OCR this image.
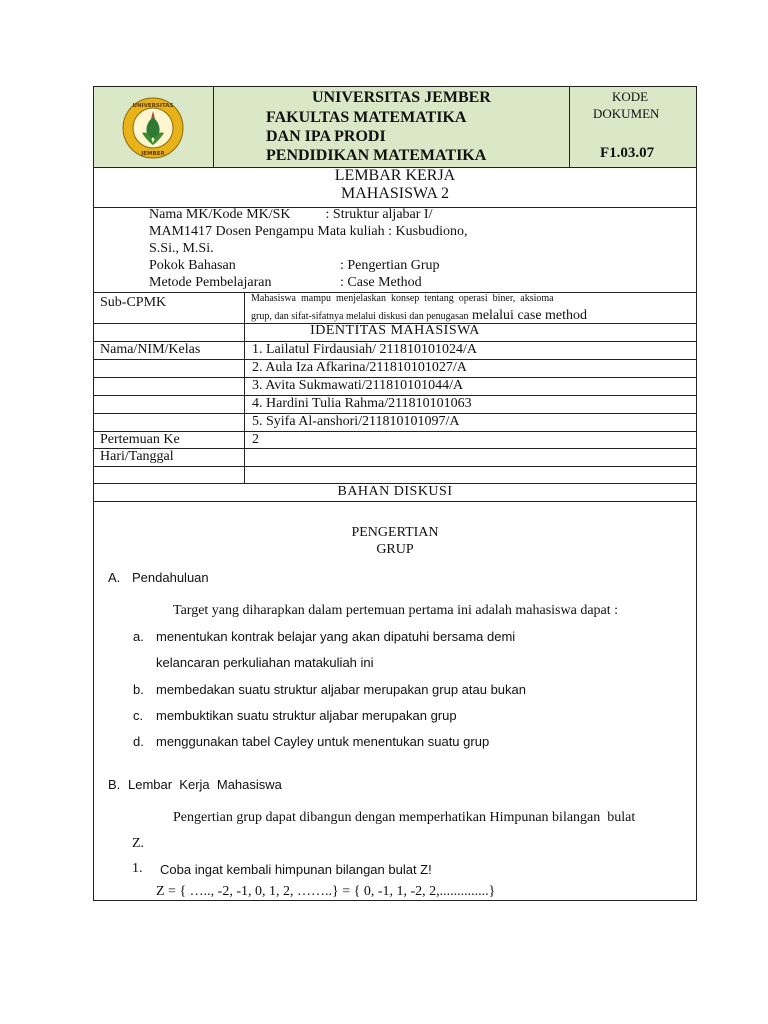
UNIVERSITAS
JEMBER
UNIVERSITAS JEMBER
FAKULTAS MATEMATIKA
DAN IPA PRODI
PENDIDIKAN MATEMATIKA
KODE
DOKUMEN
F1.03.07
LEMBAR KERJA
MAHASISWA 2
Nama MK/Kode MK/SK          : Struktur aljabar I/
MAM1417 Dosen Pengampu Mata kuliah : Kusbudiono,
S.Si., M.Si.
Pokok Bahasan	: Pengertian Grup
Metode Pembelajaran	: Case Method
Sub-CPMK	Mahasiswa  mampu  menjelaskan  konsep  tentang  operasi  biner,  aksioma
grup, dan sifat-sifatnya melalui diskusi dan penugasan melalui case method
IDENTITAS MAHASISWA
Nama/NIM/Kelas	1. Lailatul Firdausiah/ 211810101024/A
2. Aula Iza Afkarina/211810101027/A
3. Avita Sukmawati/211810101044/A
4. Hardini Tulia Rahma/211810101063
5. Syifa Al-anshori/211810101097/A
Pertemuan Ke	2
Hari/Tanggal
BAHAN DISKUSI
PENGERTIAN
GRUP
A. Pendahuluan
Target yang diharapkan dalam pertemuan pertama ini adalah mahasiswa dapat :
a. menentukan kontrak belajar yang akan dipatuhi bersama demi
kelancaran perkuliahan matakuliah ini
b. membedakan suatu struktur aljabar merupakan grup atau bukan
c. membuktikan suatu struktur aljabar merupakan grup
d. menggunakan tabel Cayley untuk menentukan suatu grup
B. Lembar  Kerja  Mahasiswa
Pengertian grup dapat dibangun dengan memperhatikan Himpunan bilangan  bulat
Z.
1. Coba ingat kembali himpunan bilangan bulat Z!
Z = { ….., -2, -1, 0, 1, 2, ……..} = { 0, -1, 1, -2, 2,..............}
